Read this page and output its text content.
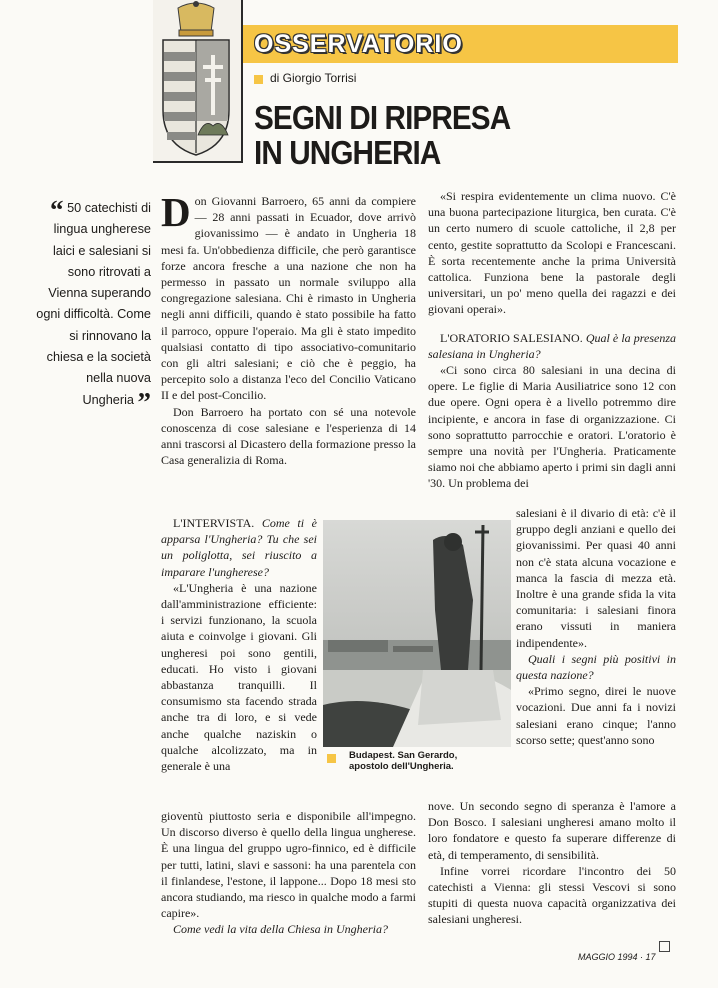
OSSERVATORIO
di Giorgio Torrisi
SEGNI DI RIPRESA
IN UNGHERIA
“ 50 catechisti di lingua ungherese laici e salesiani si sono ritrovati a Vienna superando ogni difficoltà. Come si rinnovano la chiesa e la società nella nuova Ungheria ”

Don Giovanni Barroero, 65 anni da compiere — 28 anni passati in Ecuador, dove arrivò giovanissimo — è andato in Ungheria 18 mesi fa. Un'obbedienza difficile, che però garantisce forze ancora fresche a una nazione che non ha permesso in passato un normale sviluppo alla congregazione salesiana. Chi è rimasto in Ungheria negli anni difficili, quando è stato possibile ha fatto il parroco, oppure l'operaio. Ma gli è stato impedito qualsiasi contatto di tipo associativo-comunitario con gli altri salesiani; e ciò che è peggio, ha percepito solo a distanza l'eco del Concilio Vaticano II e del post-Concilio.

Don Barroero ha portato con sé una notevole conoscenza di cose salesiane e l'esperienza di 14 anni trascorsi al Dicastero della formazione presso la Casa generalizia di Roma.

«Si respira evidentemente un clima nuovo. C'è una buona partecipazione liturgica, ben curata. C'è un certo numero di scuole cattoliche, il 2,8 per cento, gestite soprattutto da Scolopi e Francescani. È sorta recentemente anche la prima Università cattolica. Funziona bene la pastorale degli universitari, un po' meno quella dei ragazzi e dei giovani operai».

L'ORATORIO SALESIANO. Qual è la presenza salesiana in Ungheria?

«Ci sono circa 80 salesiani in una decina di opere. Le figlie di Maria Ausiliatrice sono 12 con due opere. Ogni opera è a livello potremmo dire incipiente, e ancora in fase di organizzazione. Ci sono soprattutto parrocchie e oratori. L'oratorio è sempre una novità per l'Ungheria. Praticamente siamo noi che abbiamo aperto i primi sin dagli anni '30. Un problema dei

L'INTERVISTA. Come ti è apparsa l'Ungheria? Tu che sei un poliglotta, sei riuscito a imparare l'ungherese?

«L'Ungheria è una nazione dall'amministrazione efficiente: i servizi funzionano, la scuola aiuta e coinvolge i giovani. Gli ungheresi poi sono gentili, educati. Ho visto i giovani abbastanza tranquilli. Il consumismo sta facendo strada anche tra di loro, e si vede anche qualche naziskin o qualche alcolizzato, ma in generale è una

gioventù piuttosto seria e disponibile all'impegno. Un discorso diverso è quello della lingua ungherese. È una lingua del gruppo ugro-finnico, ed è difficile per tutti, latini, slavi e sassoni: ha una parentela con il finlandese, l'estone, il lappone... Dopo 18 mesi sto ancora studiando, ma riesco in qualche modo a farmi capire».

Come vedi la vita della Chiesa in Ungheria?

Budapest. San Gerardo, apostolo dell'Ungheria.

salesiani è il divario di età: c'è il gruppo degli anziani e quello dei giovanissimi. Per quasi 40 anni non c'è stata alcuna vocazione e manca la fascia di mezza età. Inoltre è una grande sfida la vita comunitaria: i salesiani finora erano vissuti in maniera indipendente».

Quali i segni più positivi in questa nazione?

«Primo segno, direi le nuove vocazioni. Due anni fa i novizi salesiani erano cinque; l'anno scorso sette; quest'anno sono

nove. Un secondo segno di speranza è l'amore a Don Bosco. I salesiani ungheresi amano molto il loro fondatore e questo fa superare differenze di età, di temperamento, di sensibilità.

Infine vorrei ricordare l'incontro dei 50 catechisti a Vienna: gli stessi Vescovi si sono stupiti di questa nuova capacità organizzativa dei salesiani ungheresi.

MAGGIO 1994 · 17
